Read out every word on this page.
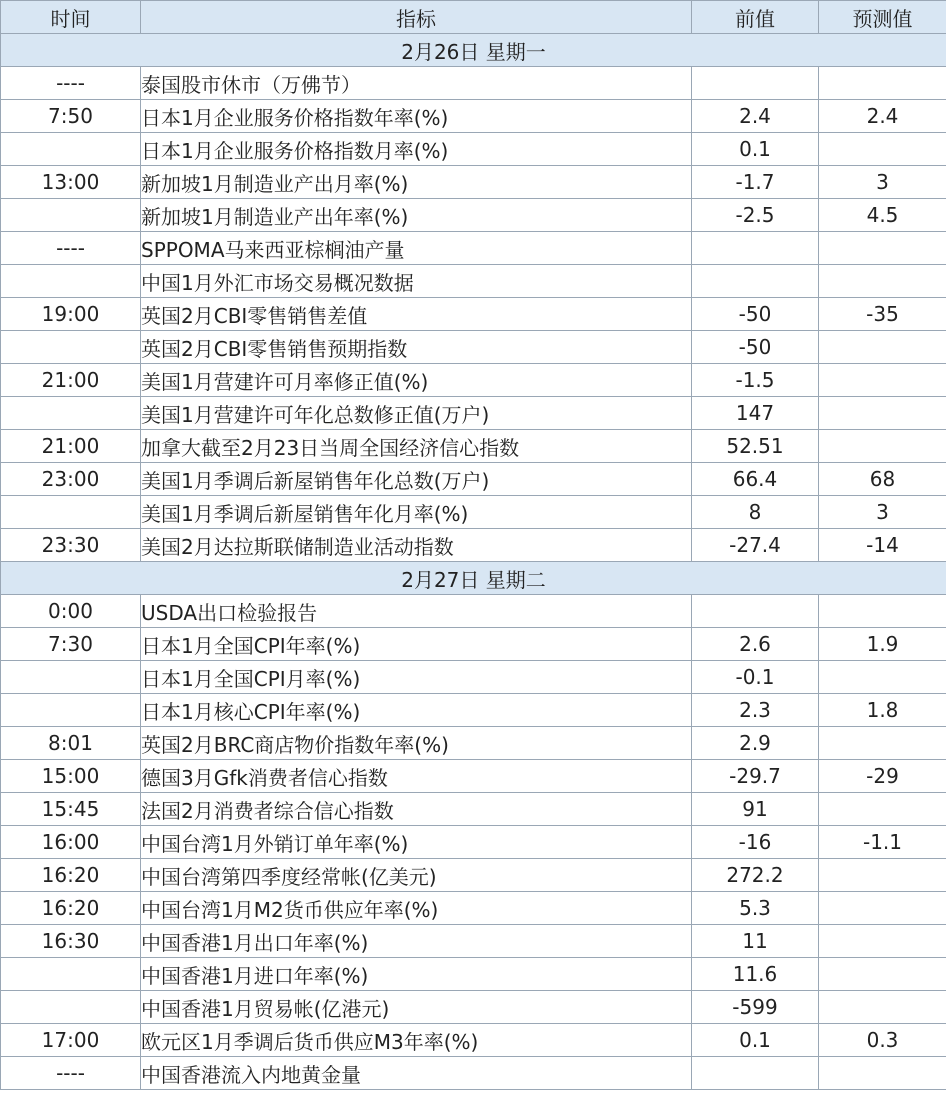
时间	指标	前值	预测值
2月26日 星期一			
----	泰国股市休市（万佛节）		
7:50	日本1月企业服务价格指数年率(%)	2.4	2.4
	日本1月企业服务价格指数月率(%)	0.1	
13:00	新加坡1月制造业产出月率(%)	-1.7	3
	新加坡1月制造业产出年率(%)	-2.5	4.5
----	SPPOMA马来西亚棕榈油产量		
	中国1月外汇市场交易概况数据		
19:00	英国2月CBI零售销售差值	-50	-35
	英国2月CBI零售销售预期指数	-50	
21:00	美国1月营建许可月率修正值(%)	-1.5	
	美国1月营建许可年化总数修正值(万户)	147	
21:00	加拿大截至2月23日当周全国经济信心指数	52.51	
23:00	美国1月季调后新屋销售年化总数(万户)	66.4	68
	美国1月季调后新屋销售年化月率(%)	8	3
23:30	美国2月达拉斯联储制造业活动指数	-27.4	-14
2月27日 星期二			
0:00	USDA出口检验报告		
7:30	日本1月全国CPI年率(%)	2.6	1.9
	日本1月全国CPI月率(%)	-0.1	
	日本1月核心CPI年率(%)	2.3	1.8
8:01	英国2月BRC商店物价指数年率(%)	2.9	
15:00	德国3月Gfk消费者信心指数	-29.7	-29
15:45	法国2月消费者综合信心指数	91	
16:00	中国台湾1月外销订单年率(%)	-16	-1.1
16:20	中国台湾第四季度经常帐(亿美元)	272.2	
16:20	中国台湾1月M2货币供应年率(%)	5.3	
16:30	中国香港1月出口年率(%)	11	
	中国香港1月进口年率(%)	11.6	
	中国香港1月贸易帐(亿港元)	-599	
17:00	欧元区1月季调后货币供应M3年率(%)	0.1	0.3
----	中国香港流入内地黄金量		
